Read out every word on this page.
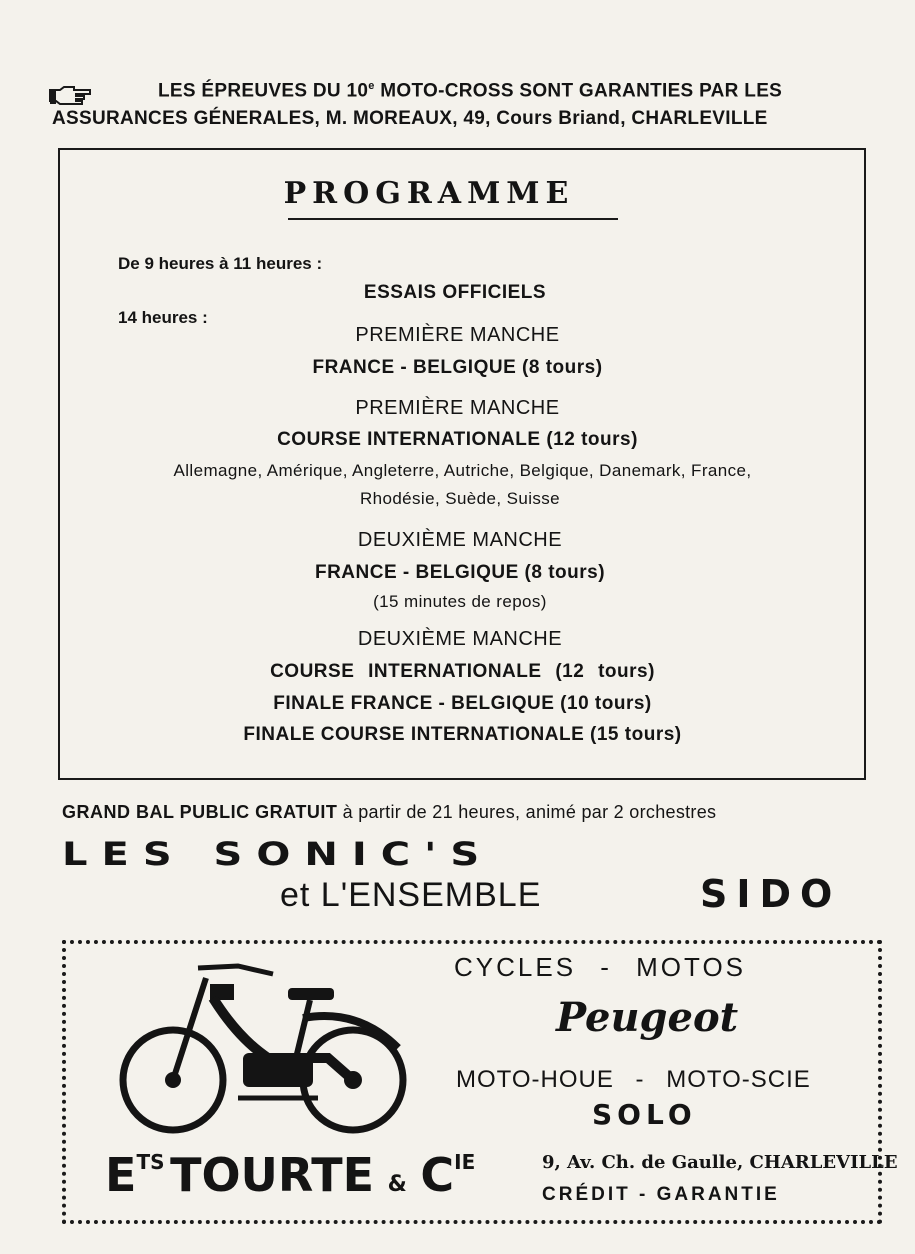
LES ÉPREUVES DU 10e MOTO-CROSS SONT GARANTIES PAR LES
ASSURANCES GÉNERALES, M. MOREAUX, 49, Cours Briand, CHARLEVILLE
PROGRAMME
De 9 heures à 11 heures :
ESSAIS OFFICIELS
14 heures :
PREMIÈRE MANCHE
FRANCE - BELGIQUE (8 tours)
PREMIÈRE MANCHE
COURSE INTERNATIONALE (12 tours)
Allemagne, Amérique, Angleterre, Autriche, Belgique, Danemark, France,
Rhodésie, Suède, Suisse
DEUXIÈME MANCHE
FRANCE - BELGIQUE (8 tours)
(15 minutes de repos)
DEUXIÈME MANCHE
COURSE INTERNATIONALE (12 tours)
FINALE FRANCE - BELGIQUE (10 tours)
FINALE COURSE INTERNATIONALE (15 tours)
GRAND BAL PUBLIC GRATUIT à partir de 21 heures, animé par 2 orchestres
LES SONIC'S
et L'ENSEMBLE	SIDO
CYCLES - MOTOS
Peugeot
MOTO-HOUE - MOTO-SCIE
SOLO
ETS TOURTE & CIE	9, Av. Ch. de Gaulle, CHARLEVILLE
CRÉDIT - GARANTIE
